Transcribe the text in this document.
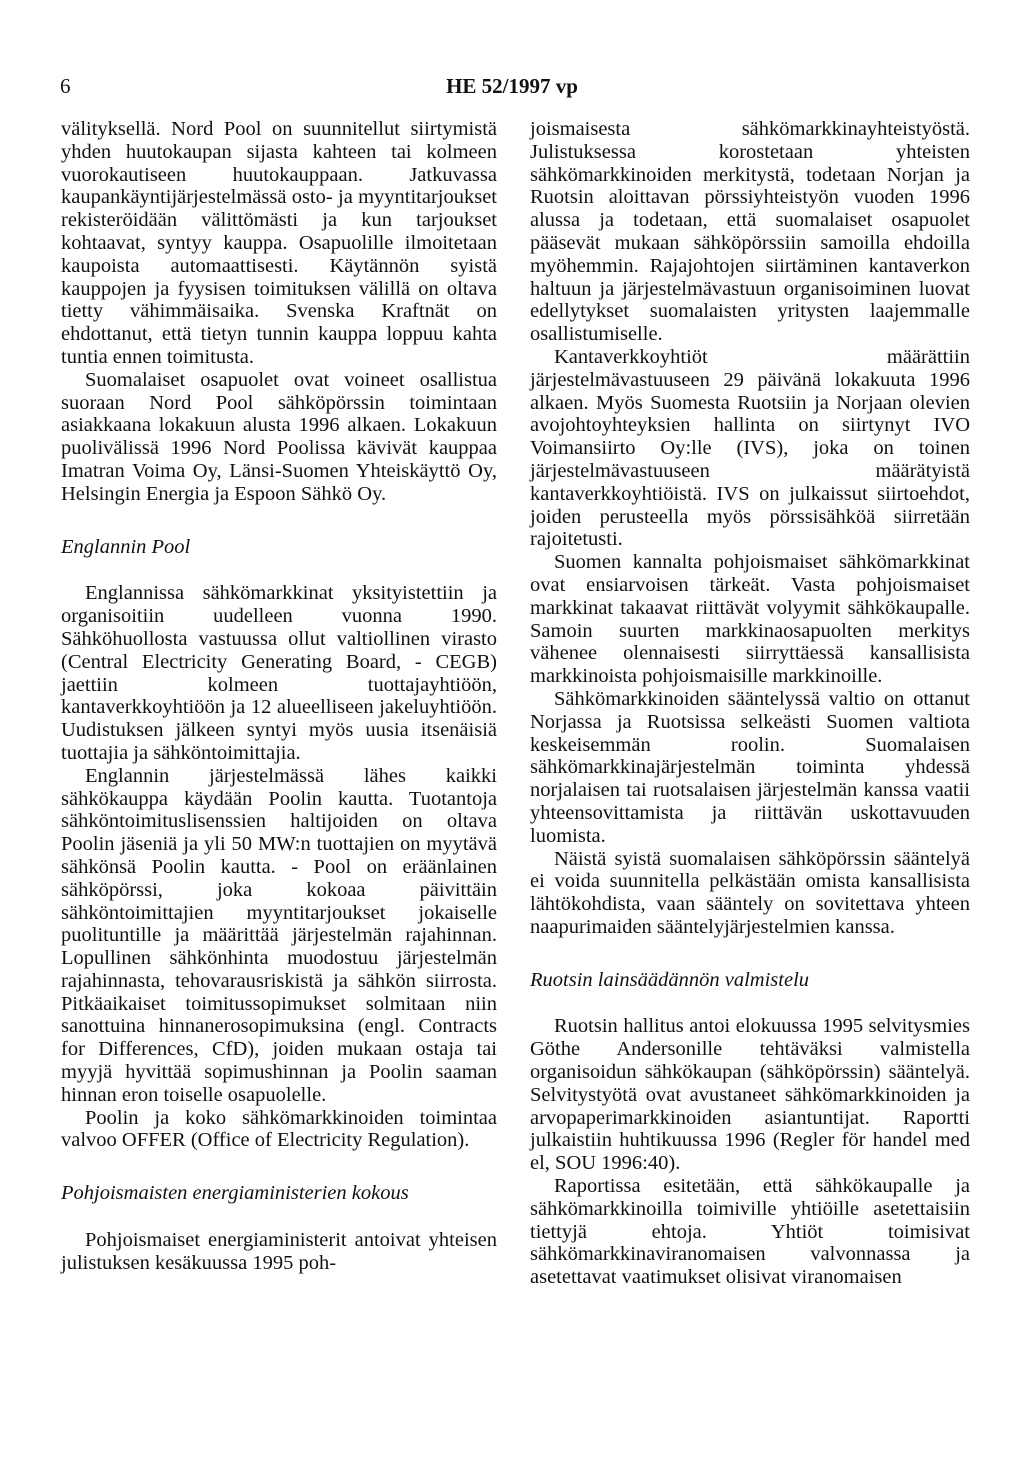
6	HE 52/1997 vp

välityksellä. Nord Pool on suunnitellut siirtymistä yhden huutokaupan sijasta kahteen tai kolmeen vuorokautiseen huutokauppaan. Jatkuvassa kaupankäyntijärjestelmässä osto- ja myyntitarjoukset rekisteröidään välittömästi ja kun tarjoukset kohtaavat, syntyy kauppa. Osapuolille ilmoitetaan kaupoista automaattisesti. Käytännön syistä kauppojen ja fyysisen toimituksen välillä on oltava tietty vähimmäisaika. Svenska Kraftnät on ehdottanut, että tietyn tunnin kauppa loppuu kahta tuntia ennen toimitusta.

Suomalaiset osapuolet ovat voineet osallistua suoraan Nord Pool sähköpörssin toimintaan asiakkaana lokakuun alusta 1996 alkaen. Lokakuun puolivälissä 1996 Nord Poolissa kävivät kauppaa Imatran Voima Oy, Länsi-Suomen Yhteiskäyttö Oy, Helsingin Energia ja Espoon Sähkö Oy.

Englannin Pool

Englannissa sähkömarkkinat yksityistettiin ja organisoitiin uudelleen vuonna 1990. Sähköhuollosta vastuussa ollut valtiollinen virasto (Central Electricity Generating Board, - CEGB) jaettiin kolmeen tuottajayhtiöön, kantaverkkoyhtiöön ja 12 alueelliseen jakeluyhtiöön. Uudistuksen jälkeen syntyi myös uusia itsenäisiä tuottajia ja sähköntoimittajia.

Englannin järjestelmässä lähes kaikki sähkökauppa käydään Poolin kautta. Tuotantoja sähköntoimituslisenssien haltijoiden on oltava Poolin jäseniä ja yli 50 MW:n tuottajien on myytävä sähkönsä Poolin kautta. - Pool on eräänlainen sähköpörssi, joka kokoaa päivittäin sähköntoimittajien myyntitarjoukset jokaiselle puolituntille ja määrittää järjestelmän rajahinnan. Lopullinen sähkönhinta muodostuu järjestelmän rajahinnasta, tehovarausriskistä ja sähkön siirrosta. Pitkäaikaiset toimitussopimukset solmitaan niin sanottuina hinnanerosopimuksina (engl. Contracts for Differences, CfD), joiden mukaan ostaja tai myyjä hyvittää sopimushinnan ja Poolin saaman hinnan eron toiselle osapuolelle.

Poolin ja koko sähkömarkkinoiden toimintaa valvoo OFFER (Office of Electricity Regulation).

Pohjoismaisten energiaministerien kokous

Pohjoismaiset energiaministerit antoivat yhteisen julistuksen kesäkuussa 1995 poh-

joismaisesta sähkömarkkinayhteistyöstä. Julistuksessa korostetaan yhteisten sähkömarkkinoiden merkitystä, todetaan Norjan ja Ruotsin aloittavan pörssiyhteistyön vuoden 1996 alussa ja todetaan, että suomalaiset osapuolet pääsevät mukaan sähköpörssiin samoilla ehdoilla myöhemmin. Rajajohtojen siirtäminen kantaverkon haltuun ja järjestelmävastuun organisoiminen luovat edellytykset suomalaisten yritysten laajemmalle osallistumiselle.

Kantaverkkoyhtiöt määrättiin järjestelmävastuuseen 29 päivänä lokakuuta 1996 alkaen. Myös Suomesta Ruotsiin ja Norjaan olevien avojohtoyhteyksien hallinta on siirtynyt IVO Voimansiirto Oy:lle (IVS), joka on toinen järjestelmävastuuseen määrätyistä kantaverkkoyhtiöistä. IVS on julkaissut siirtoehdot, joiden perusteella myös pörssisähköä siirretään rajoitetusti.

Suomen kannalta pohjoismaiset sähkömarkkinat ovat ensiarvoisen tärkeät. Vasta pohjoismaiset markkinat takaavat riittävät volyymit sähkökaupalle. Samoin suurten markkinaosapuolten merkitys vähenee olennaisesti siirryttäessä kansallisista markkinoista pohjoismaisille markkinoille.

Sähkömarkkinoiden sääntelyssä valtio on ottanut Norjassa ja Ruotsissa selkeästi Suomen valtiota keskeisemmän roolin. Suomalaisen sähkömarkkinajärjestelmän toiminta yhdessä norjalaisen tai ruotsalaisen järjestelmän kanssa vaatii yhteensovittamista ja riittävän uskottavuuden luomista.

Näistä syistä suomalaisen sähköpörssin sääntelyä ei voida suunnitella pelkästään omista kansallisista lähtökohdista, vaan sääntely on sovitettava yhteen naapurimaiden sääntelyjärjestelmien kanssa.

Ruotsin lainsäädännön valmistelu

Ruotsin hallitus antoi elokuussa 1995 selvitysmies Göthe Andersonille tehtäväksi valmistella organisoidun sähkökaupan (sähköpörssin) sääntelyä. Selvitystyötä ovat avustaneet sähkömarkkinoiden ja arvopaperimarkkinoiden asiantuntijat. Raportti julkaistiin huhtikuussa 1996 (Regler för handel med el, SOU 1996:40).

Raportissa esitetään, että sähkökaupalle ja sähkömarkkinoilla toimiville yhtiöille asetettaisiin tiettyjä ehtoja. Yhtiöt toimisivat sähkömarkkinaviranomaisen valvonnassa ja asetettavat vaatimukset olisivat viranomaisen
